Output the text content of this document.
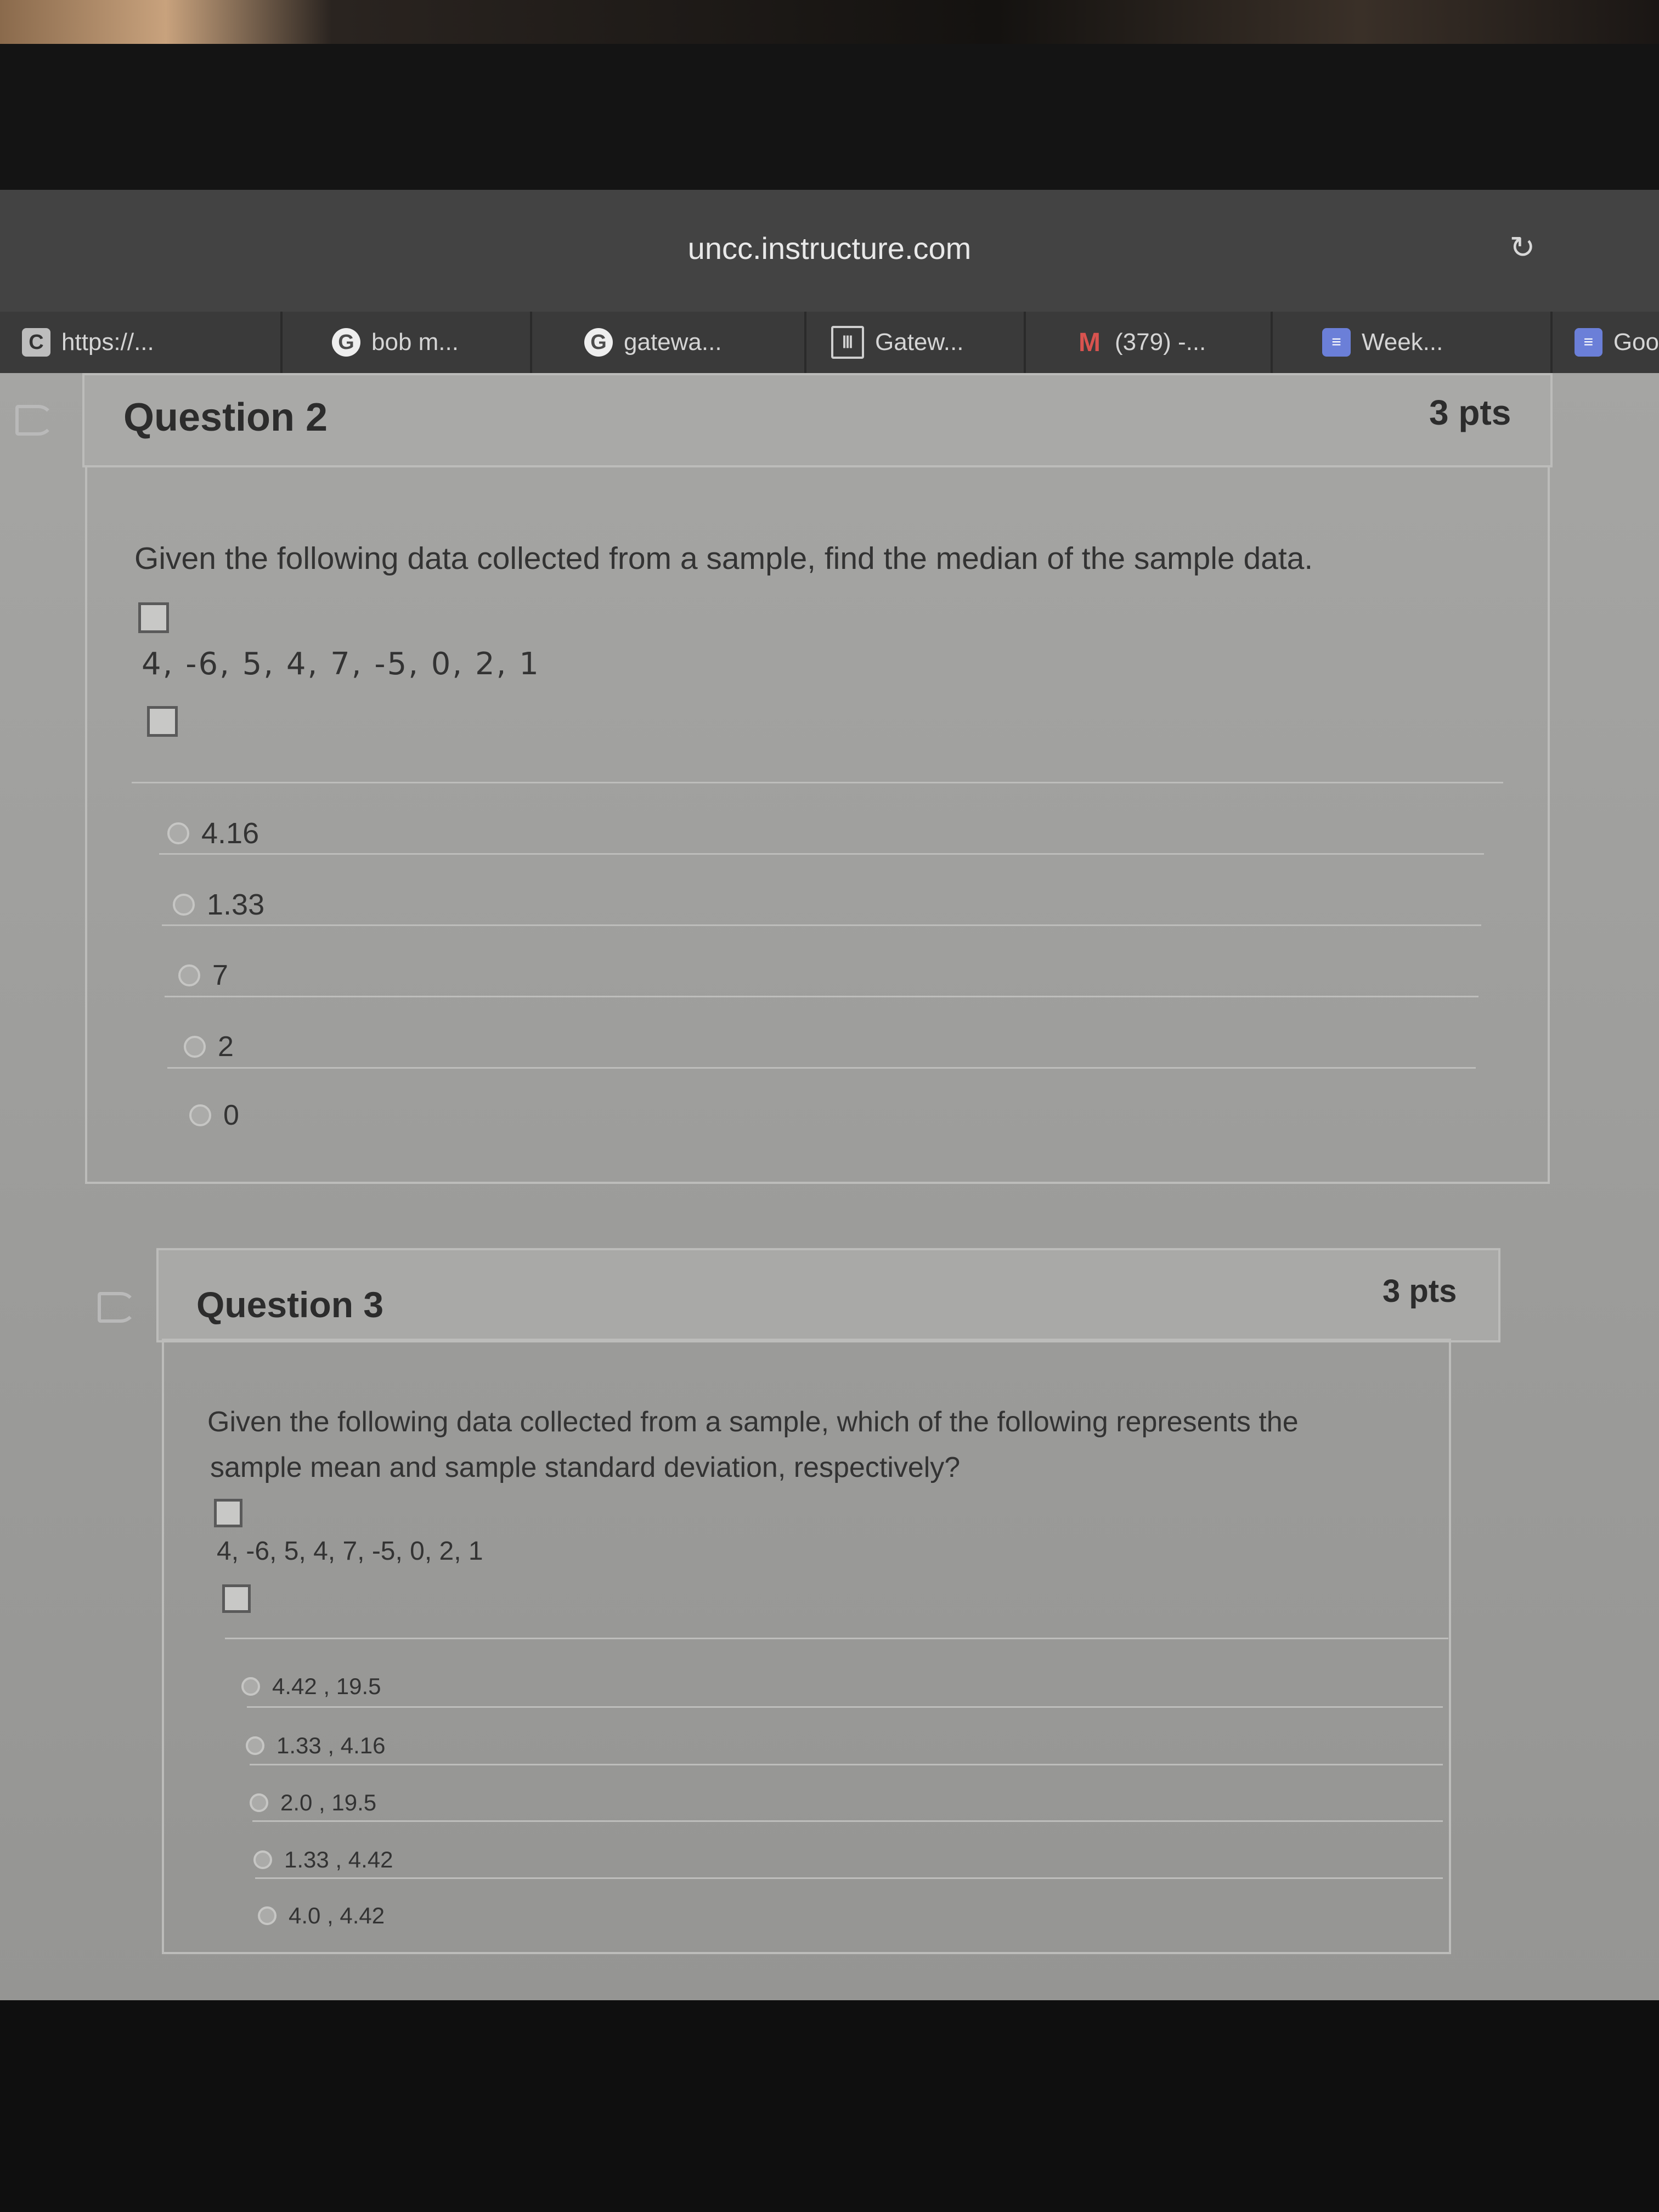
uncc.instructure.com	↻
C https://...	G bob m...	G gatewa...	Ⅲ Gatew...	M (379) -...	≡ Week...	≡ Goo
Question 2	3 pts
Given the following data collected from a sample, find the median of the sample data.
4, -6, 5, 4, 7, -5, 0, 2, 1
4.16
1.33
7
2
0
Question 3	3 pts
Given the following data collected from a sample, which of the following represents the
sample mean and sample standard deviation, respectively?
4, -6, 5, 4, 7, -5, 0, 2, 1
4.42 , 19.5
1.33 , 4.16
2.0 , 19.5
1.33 , 4.42
4.0 , 4.42
